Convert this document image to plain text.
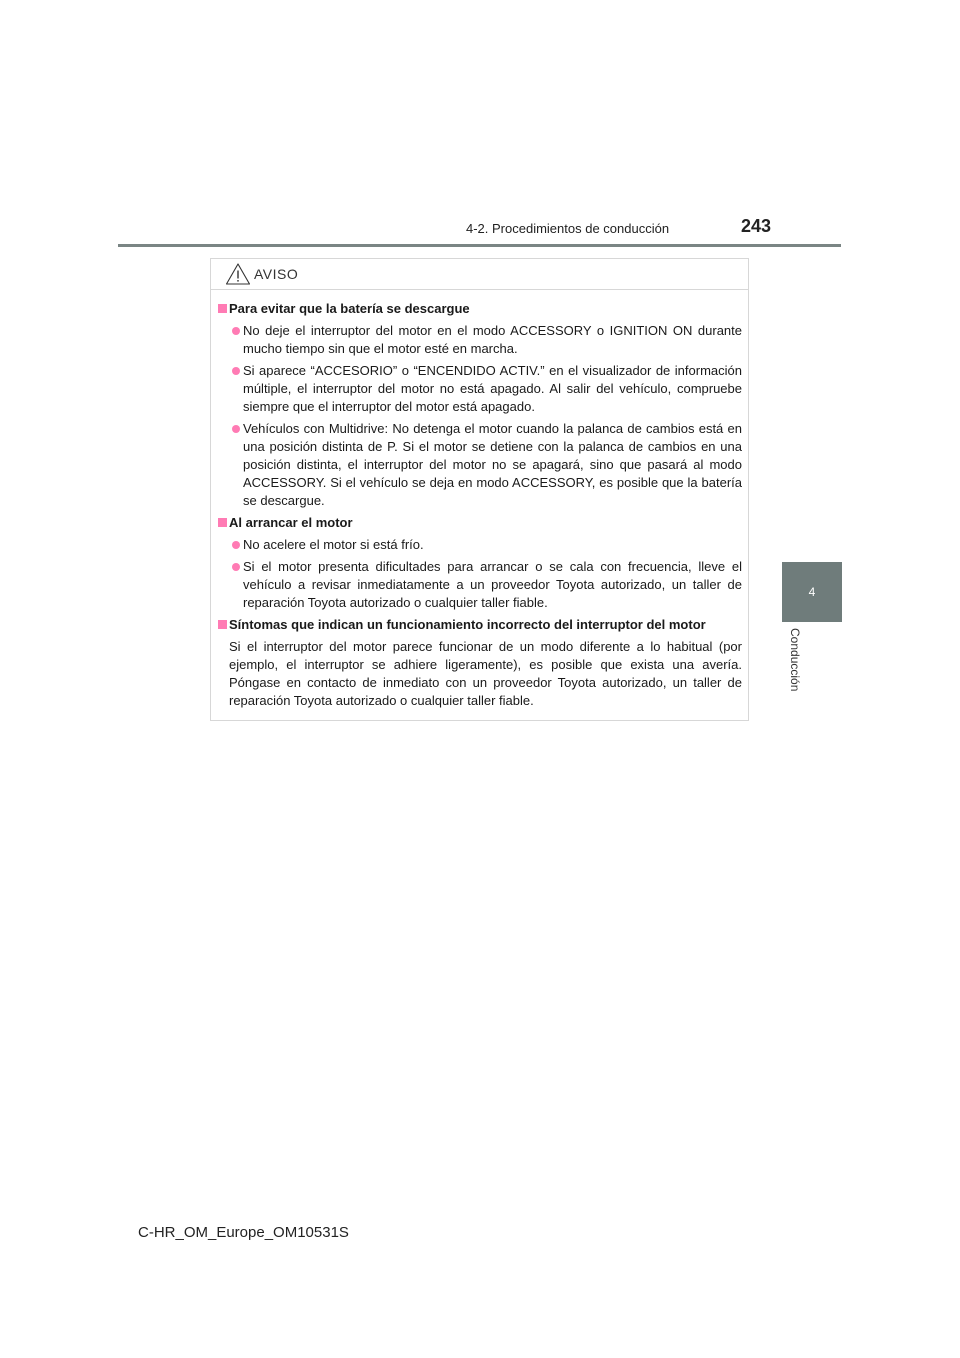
4-2. Procedimientos de conducción	243
4
Conducción
AVISO
Para evitar que la batería se descargue
No deje el interruptor del motor en el modo ACCESSORY o IGNITION ON durante mucho tiempo sin que el motor esté en marcha.
Si aparece “ACCESORIO” o “ENCENDIDO ACTIV.” en el visualizador de información múltiple, el interruptor del motor no está apagado. Al salir del vehículo, compruebe siempre que el interruptor del motor está apagado.
Vehículos con Multidrive: No detenga el motor cuando la palanca de cambios está en una posición distinta de P. Si el motor se detiene con la palanca de cambios en una posición distinta, el interruptor del motor no se apagará, sino que pasará al modo ACCESSORY. Si el vehículo se deja en modo ACCESSORY, es posible que la batería se descargue.
Al arrancar el motor
No acelere el motor si está frío.
Si el motor presenta dificultades para arrancar o se cala con frecuencia, lleve el vehículo a revisar inmediatamente a un proveedor Toyota autorizado, un taller de reparación Toyota autorizado o cualquier taller fiable.
Síntomas que indican un funcionamiento incorrecto del interruptor del motor
Si el interruptor del motor parece funcionar de un modo diferente a lo habitual (por ejemplo, el interruptor se adhiere ligeramente), es posible que exista una avería. Póngase en contacto de inmediato con un proveedor Toyota autorizado, un taller de reparación Toyota autorizado o cualquier taller fiable.
C-HR_OM_Europe_OM10531S
